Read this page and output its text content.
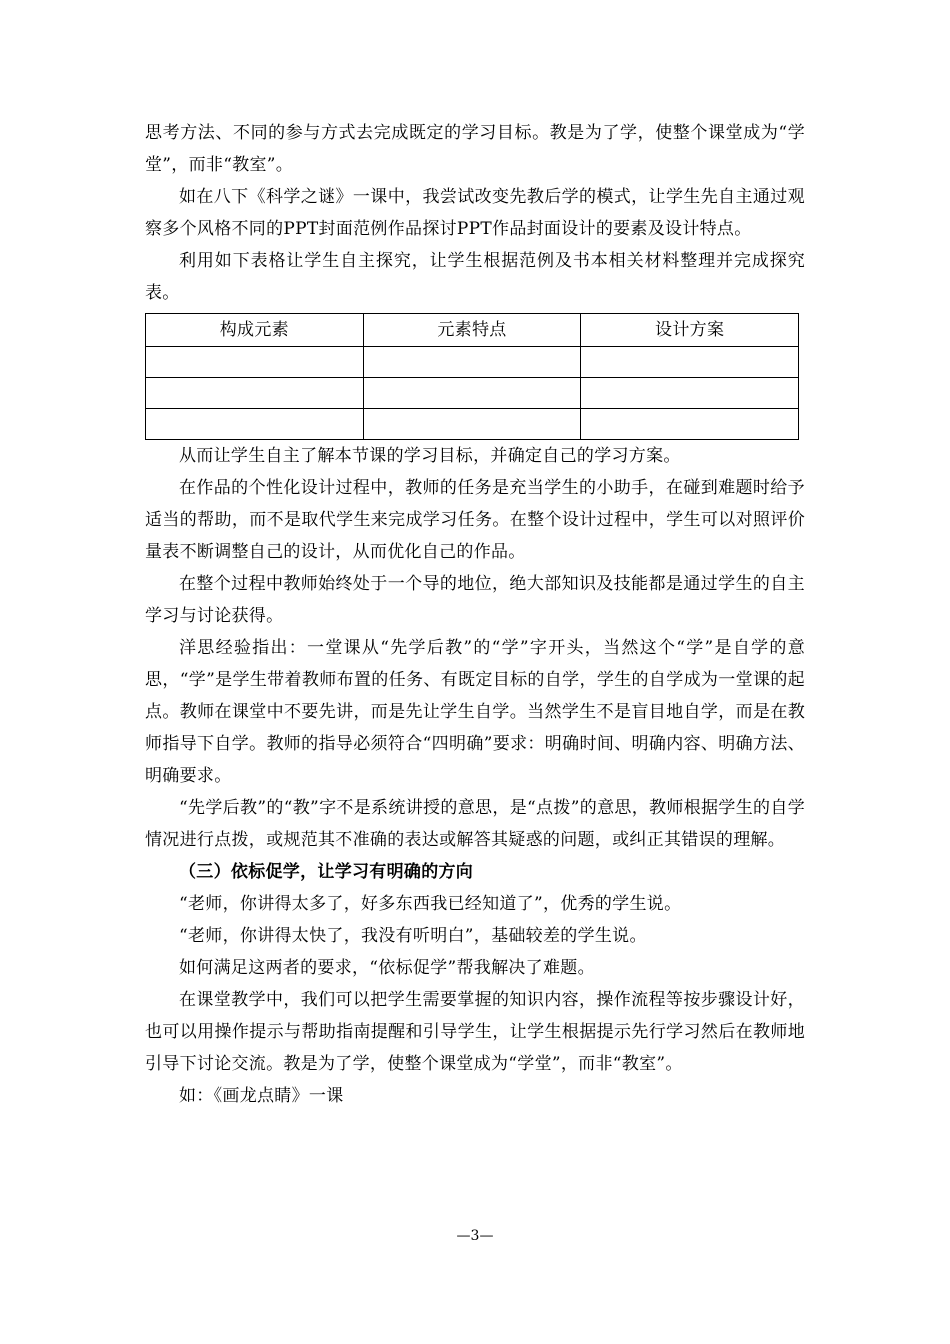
思考方法、不同的参与方式去完成既定的学习目标。教是为了学，使整个课堂成为“学堂”，而非“教室”。

如在八下《科学之谜》一课中，我尝试改变先教后学的模式，让学生先自主通过观察多个风格不同的PPT封面范例作品探讨PPT作品封面设计的要素及设计特点。

利用如下表格让学生自主探究，让学生根据范例及书本相关材料整理并完成探究表。

构成元素	元素特点	设计方案

从而让学生自主了解本节课的学习目标，并确定自己的学习方案。

在作品的个性化设计过程中，教师的任务是充当学生的小助手，在碰到难题时给予适当的帮助，而不是取代学生来完成学习任务。在整个设计过程中，学生可以对照评价量表不断调整自己的设计，从而优化自己的作品。

在整个过程中教师始终处于一个导的地位，绝大部知识及技能都是通过学生的自主学习与讨论获得。

洋思经验指出：一堂课从“先学后教”的“学”字开头，当然这个“学”是自学的意思，“学”是学生带着教师布置的任务、有既定目标的自学，学生的自学成为一堂课的起点。教师在课堂中不要先讲，而是先让学生自学。当然学生不是盲目地自学，而是在教师指导下自学。教师的指导必须符合“四明确”要求：明确时间、明确内容、明确方法、明确要求。

“先学后教”的“教”字不是系统讲授的意思，是“点拨”的意思，教师根据学生的自学情况进行点拨，或规范其不准确的表达或解答其疑惑的问题，或纠正其错误的理解。

（三）依标促学，让学习有明确的方向

“老师，你讲得太多了，好多东西我已经知道了”，优秀的学生说。

“老师，你讲得太快了，我没有听明白”，基础较差的学生说。

如何满足这两者的要求，“依标促学”帮我解决了难题。

在课堂教学中，我们可以把学生需要掌握的知识内容，操作流程等按步骤设计好，也可以用操作提示与帮助指南提醒和引导学生，让学生根据提示先行学习然后在教师地引导下讨论交流。教是为了学，使整个课堂成为“学堂”，而非“教室”。

如：《画龙点睛》一课

—3—
